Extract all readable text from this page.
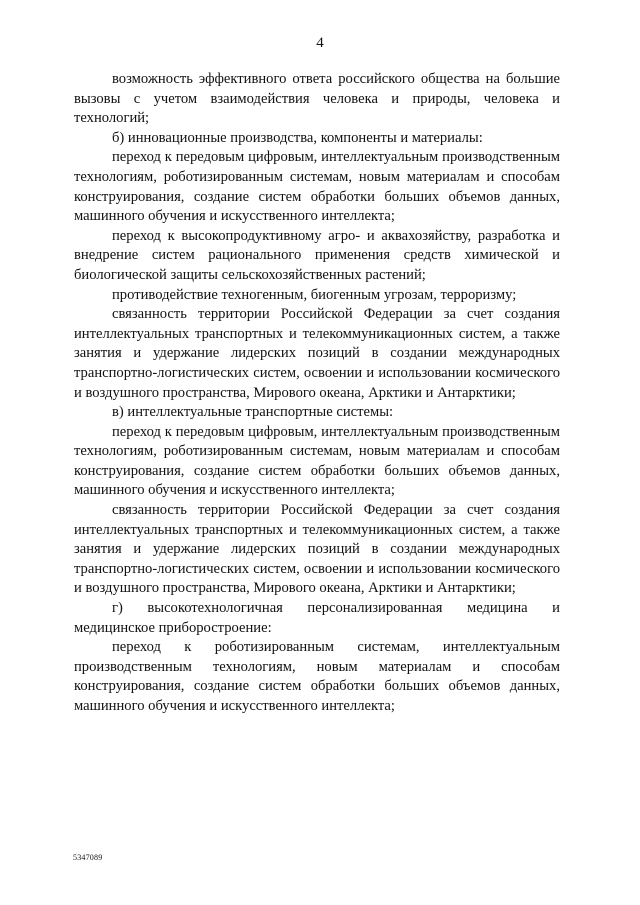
4

возможность эффективного ответа российского общества на большие вызовы с учетом взаимодействия человека и природы, человека и технологий;

б) инновационные производства, компоненты и материалы:

переход к передовым цифровым, интеллектуальным производственным технологиям, роботизированным системам, новым материалам и способам конструирования, создание систем обработки больших объемов данных, машинного обучения и искусственного интеллекта;

переход к высокопродуктивному агро- и аквахозяйству, разработка и внедрение систем рационального применения средств химической и биологической защиты сельскохозяйственных растений;

противодействие техногенным, биогенным угрозам, терроризму;

связанность территории Российской Федерации за счет создания интеллектуальных транспортных и телекоммуникационных систем, а также занятия и удержание лидерских позиций в создании международных транспортно-логистических систем, освоении и использовании космического и воздушного пространства, Мирового океана, Арктики и Антарктики;

в) интеллектуальные транспортные системы:

переход к передовым цифровым, интеллектуальным производственным технологиям, роботизированным системам, новым материалам и способам конструирования, создание систем обработки больших объемов данных, машинного обучения и искусственного интеллекта;

связанность территории Российской Федерации за счет создания интеллектуальных транспортных и телекоммуникационных систем, а также занятия и удержание лидерских позиций в создании международных транспортно-логистических систем, освоении и использовании космического и воздушного пространства, Мирового океана, Арктики и Антарктики;

г) высокотехнологичная персонализированная медицина и медицинское приборостроение:

переход к роботизированным системам, интеллектуальным производственным технологиям, новым материалам и способам конструирования, создание систем обработки больших объемов данных, машинного обучения и искусственного интеллекта;

5347089
